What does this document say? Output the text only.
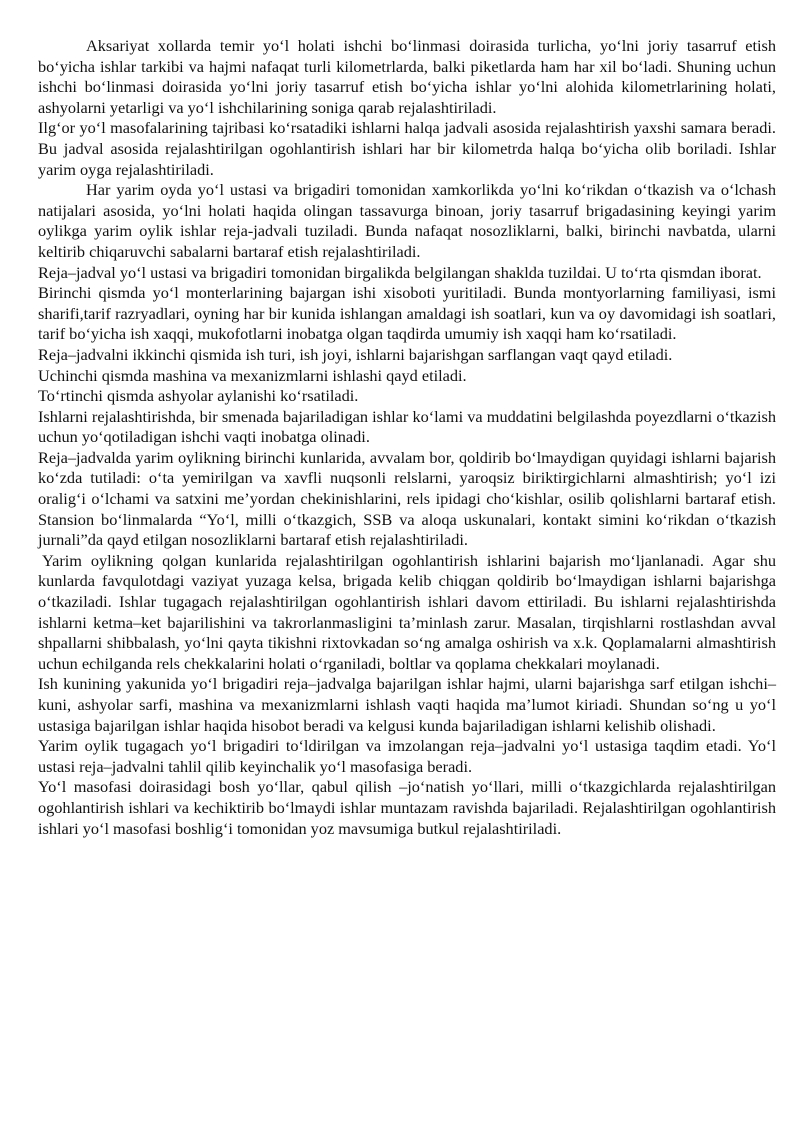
Aksariyat xollarda temir yo‘l holati ishchi bo‘linmasi doirasida turlicha, yo‘lni joriy tasarruf etish bo‘yicha ishlar tarkibi va hajmi nafaqat turli kilometrlarda, balki piketlarda ham har xil bo‘ladi. Shuning uchun ishchi bo‘linmasi doirasida yo‘lni joriy tasarruf etish bo‘yicha ishlar yo‘lni alohida kilometrlarining holati, ashyolarni yetarligi va yo‘l ishchilarining soniga qarab rejalashtiriladi.

Ilg‘or yo‘l masofalarining tajribasi ko‘rsatadiki ishlarni halqa jadvali asosida rejalashtirish yaxshi samara beradi. Bu jadval asosida rejalashtirilgan ogohlantirish ishlari har bir kilometrda halqa bo‘yicha olib boriladi. Ishlar yarim oyga rejalashtiriladi.

Har yarim oyda yo‘l ustasi va brigadiri tomonidan xamkorlikda yo‘lni ko‘rikdan o‘tkazish va o‘lchash natijalari asosida, yo‘lni holati haqida olingan tassavurga binoan, joriy tasarruf brigadasining keyingi yarim oylikga yarim oylik ishlar reja-jadvali tuziladi. Bunda nafaqat nosozliklarni, balki, birinchi navbatda, ularni keltirib chiqaruvchi sabalarni bartaraf etish rejalashtiriladi.

Reja–jadval yo‘l ustasi va brigadiri tomonidan birgalikda belgilangan shaklda tuzildai. U to‘rta qismdan iborat.

Birinchi qismda yo‘l monterlarining bajargan ishi xisoboti yuritiladi. Bunda montyorlarning familiyasi, ismi sharifi,tarif razryadlari, oyning har bir kunida ishlangan amaldagi ish soatlari, kun va oy davomidagi ish soatlari, tarif bo‘yicha ish xaqqi, mukofotlarni inobatga olgan taqdirda umumiy ish xaqqi ham ko‘rsatiladi.

Reja–jadvalni ikkinchi qismida ish turi, ish joyi, ishlarni bajarishgan sarflangan vaqt qayd etiladi.

Uchinchi qismda mashina va mexanizmlarni ishlashi qayd etiladi.

To‘rtinchi qismda ashyolar aylanishi ko‘rsatiladi.

Ishlarni rejalashtirishda, bir smenada bajariladigan ishlar ko‘lami va muddatini belgilashda poyezdlarni o‘tkazish uchun yo‘qotiladigan ishchi vaqti inobatga olinadi.

Reja–jadvalda yarim oylikning birinchi kunlarida, avvalam bor, qoldirib bo‘lmaydigan quyidagi ishlarni bajarish ko‘zda tutiladi: o‘ta yemirilgan va xavfli nuqsonli relslarni, yaroqsiz biriktirgichlarni almashtirish; yo‘l izi oralig‘i o‘lchami va satxini me’yordan chekinishlarini, rels ipidagi cho‘kishlar, osilib qolishlarni bartaraf etish. Stansion bo‘linmalarda “Yo‘l, milli o‘tkazgich, SSB va aloqa uskunalari, kontakt simini ko‘rikdan o‘tkazish jurnali”da qayd etilgan nosozliklarni bartaraf etish rejalashtiriladi.

Yarim oylikning qolgan kunlarida rejalashtirilgan ogohlantirish ishlarini bajarish mo‘ljanlanadi. Agar shu kunlarda favqulotdagi vaziyat yuzaga kelsa, brigada kelib chiqgan qoldirib bo‘lmaydigan ishlarni bajarishga o‘tkaziladi. Ishlar tugagach rejalashtirilgan ogohlantirish ishlari davom ettiriladi. Bu ishlarni rejalashtirishda ishlarni ketma–ket bajarilishini va takrorlanmasligini ta’minlash zarur. Masalan, tirqishlarni rostlashdan avval shpallarni shibbalash, yo‘lni qayta tikishni rixtovkadan so‘ng amalga oshirish va x.k. Qoplamalarni almashtirish uchun echilganda rels chekkalarini holati o‘rganiladi, boltlar va qoplama chekkalari moylanadi.

Ish kunining yakunida yo‘l brigadiri reja–jadvalga bajarilgan ishlar hajmi, ularni bajarishga sarf etilgan ishchi–kuni, ashyolar sarfi, mashina va mexanizmlarni ishlash vaqti haqida ma’lumot kiriadi. Shundan so‘ng u yo‘l ustasiga bajarilgan ishlar haqida hisobot beradi va kelgusi kunda bajariladigan ishlarni kelishib olishadi.

Yarim oylik tugagach yo‘l brigadiri to‘ldirilgan va imzolangan reja–jadvalni yo‘l ustasiga taqdim etadi. Yo‘l ustasi reja–jadvalni tahlil qilib keyinchalik yo‘l masofasiga beradi.

Yo‘l masofasi doirasidagi bosh yo‘llar, qabul qilish –jo‘natish yo‘llari, milli o‘tkazgichlarda rejalashtirilgan ogohlantirish ishlari va kechiktirib bo‘lmaydi ishlar muntazam ravishda bajariladi. Rejalashtirilgan ogohlantirish ishlari yo‘l masofasi boshlig‘i tomonidan yoz mavsumiga butkul rejalashtiriladi.
